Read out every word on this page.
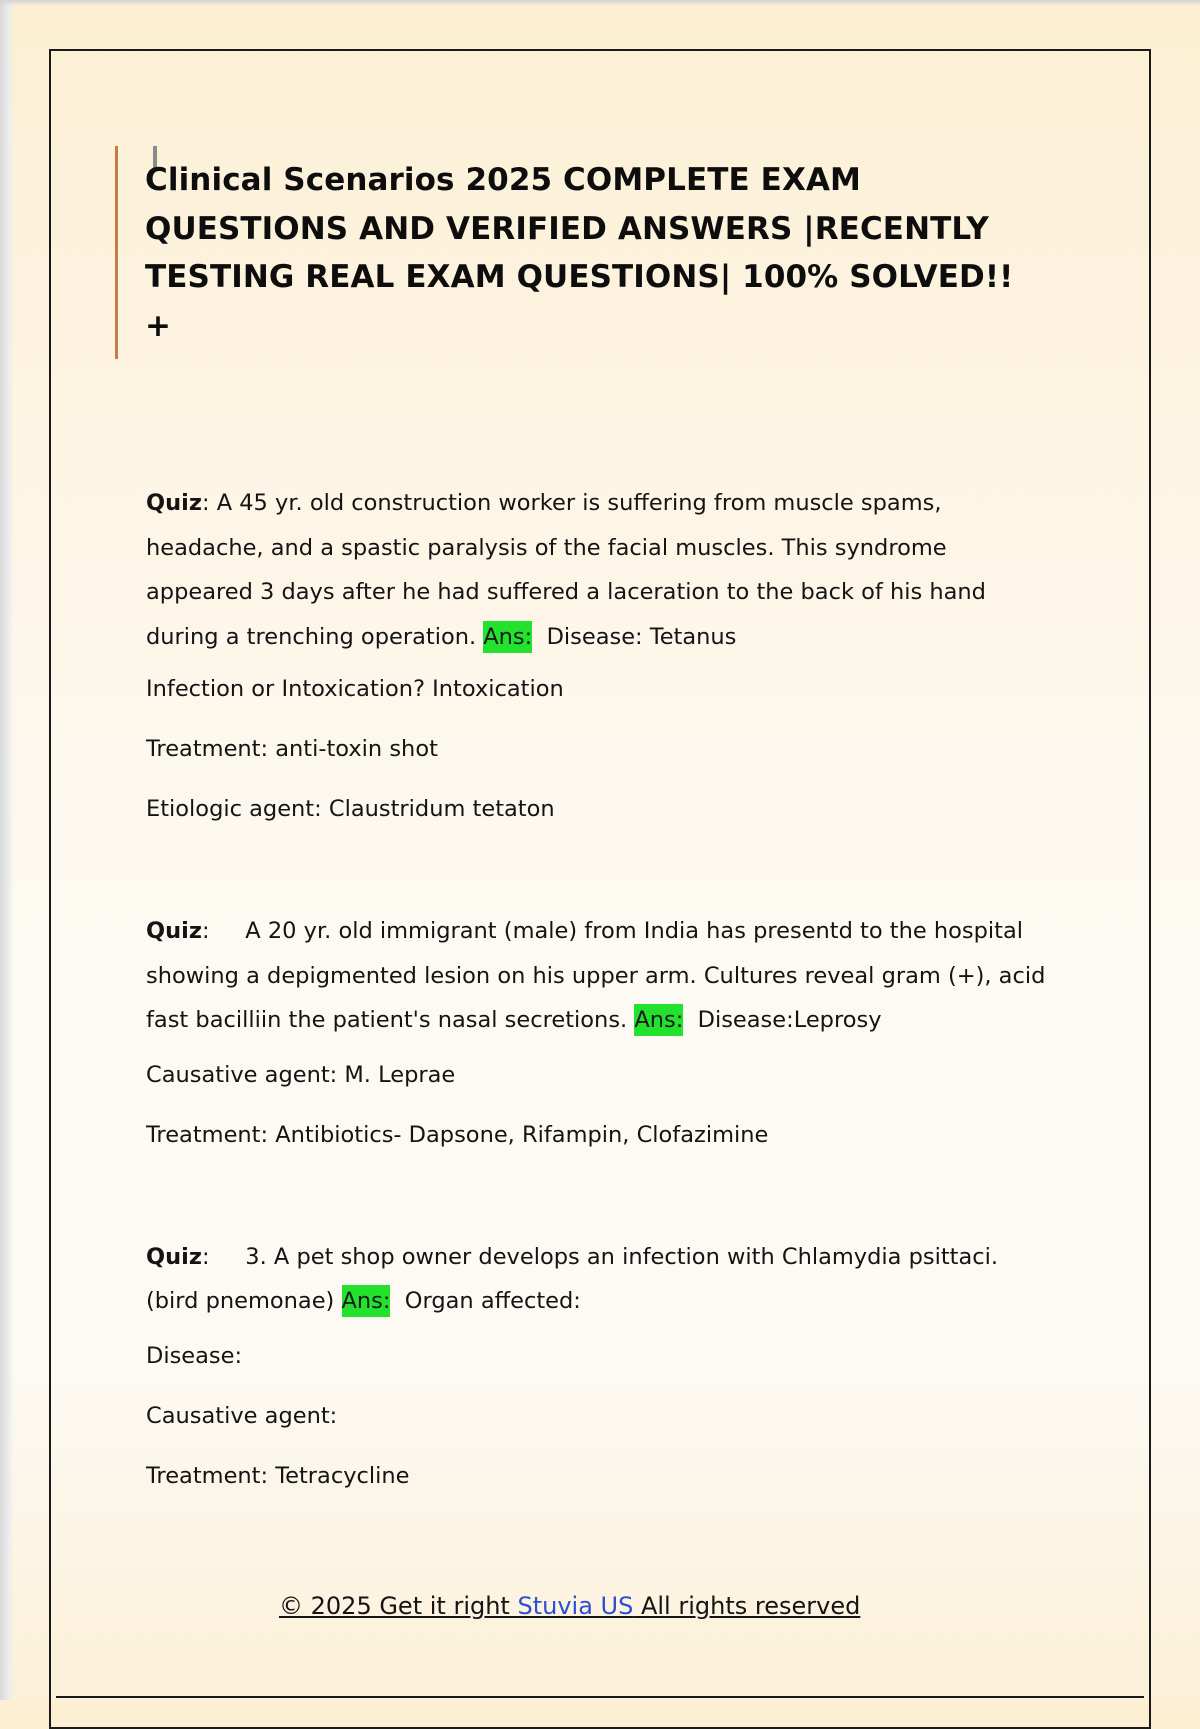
Clinical Scenarios 2025 COMPLETE EXAM
QUESTIONS AND VERIFIED ANSWERS |RECENTLY
TESTING REAL EXAM QUESTIONS| 100% SOLVED!!
+

Quiz: A 45 yr. old construction worker is suffering from muscle spams,
headache, and a spastic paralysis of the facial muscles. This syndrome
appeared 3 days after he had suffered a laceration to the back of his hand
during a trenching operation. Ans: Disease: Tetanus

Infection or Intoxication? Intoxication

Treatment: anti-toxin shot

Etiologic agent: Claustridum tetaton

Quiz:     A 20 yr. old immigrant (male) from India has presentd to the hospital
showing a depigmented lesion on his upper arm. Cultures reveal gram (+), acid
fast bacilliin the patient's nasal secretions. Ans: Disease:Leprosy

Causative agent: M. Leprae

Treatment: Antibiotics- Dapsone, Rifampin, Clofazimine

Quiz:     3. A pet shop owner develops an infection with Chlamydia psittaci.
(bird pnemonae) Ans: Organ affected:

Disease:

Causative agent:

Treatment: Tetracycline

© 2025 Get it right Stuvia US All rights reserved
